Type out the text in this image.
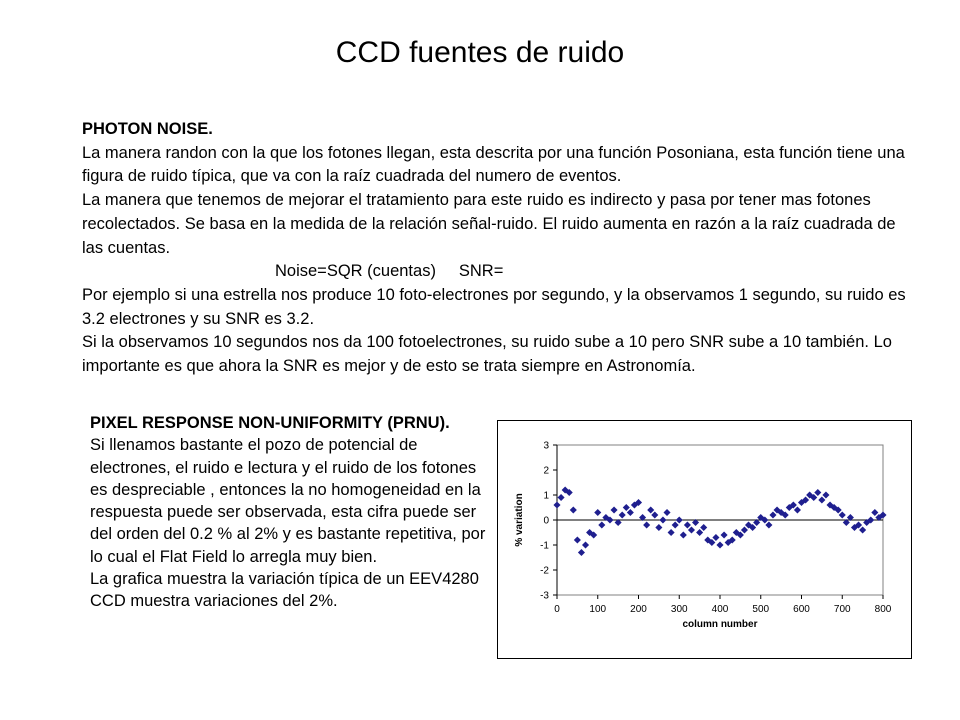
CCD fuentes de ruido

PHOTON NOISE.

La manera randon con la que los fotones llegan, esta descrita por una función Posoniana, esta función tiene una figura de ruido típica, que va con la raíz cuadrada del numero de eventos.

La manera que tenemos de mejorar el tratamiento para este ruido es indirecto y pasa por tener mas fotones recolectados. Se basa en la medida de la relación señal-ruido. El ruido aumenta en razón a la raíz cuadrada de las cuentas.

Noise=SQR (cuentas)     SNR=

Por ejemplo si una estrella nos produce 10 foto-electrones por segundo, y la observamos 1 segundo, su ruido es 3.2 electrones y su SNR es 3.2.

Si la observamos 10 segundos nos da 100 fotoelectrones, su ruido sube a 10 pero SNR sube a 10 también. Lo importante es que ahora la SNR es mejor y de esto se trata siempre en Astronomía.

PIXEL RESPONSE NON-UNIFORMITY (PRNU).

Si llenamos bastante el pozo de potencial de electrones, el ruido e lectura y el ruido de los fotones es despreciable , entonces la no homogeneidad en la respuesta puede ser observada, esta cifra puede ser del orden del 0.2 % al 2% y es bastante repetitiva, por lo cual el Flat Field lo arregla muy bien.

La grafica muestra la variación típica de un EEV4280 CCD muestra variaciones del 2%.

3
2
1
0
-1
-2
-3
0	100 200 300 400 500 600 700 800
column number
% variation
